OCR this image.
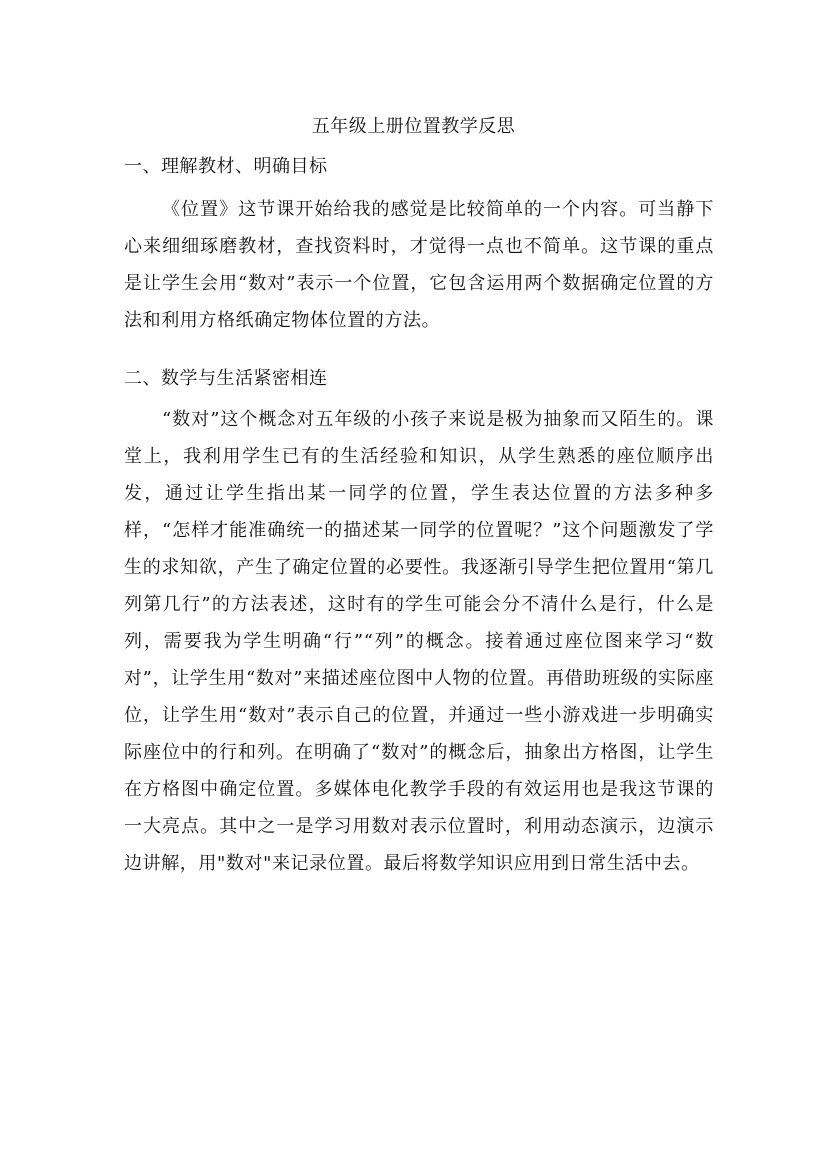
五年级上册位置教学反思
一、理解教材、明确目标

《位置》这节课开始给我的感觉是比较简单的一个内容。可当静下心来细细琢磨教材，查找资料时，才觉得一点也不简单。这节课的重点是让学生会用“数对”表示一个位置，它包含运用两个数据确定位置的方法和利用方格纸确定物体位置的方法。

二、数学与生活紧密相连

“数对”这个概念对五年级的小孩子来说是极为抽象而又陌生的。课堂上，我利用学生已有的生活经验和知识，从学生熟悉的座位顺序出发，通过让学生指出某一同学的位置，学生表达位置的方法多种多样，“怎样才能准确统一的描述某一同学的位置呢？”这个问题激发了学生的求知欲，产生了确定位置的必要性。我逐渐引导学生把位置用“第几列第几行”的方法表述，这时有的学生可能会分不清什么是行，什么是列，需要我为学生明确“行”“列”的概念。接着通过座位图来学习“数对”，让学生用“数对”来描述座位图中人物的位置。再借助班级的实际座位，让学生用“数对”表示自己的位置，并通过一些小游戏进一步明确实际座位中的行和列。在明确了“数对”的概念后，抽象出方格图，让学生在方格图中确定位置。多媒体电化教学手段的有效运用也是我这节课的一大亮点。其中之一是学习用数对表示位置时，利用动态演示，边演示边讲解，用"数对"来记录位置。最后将数学知识应用到日常生活中去。
